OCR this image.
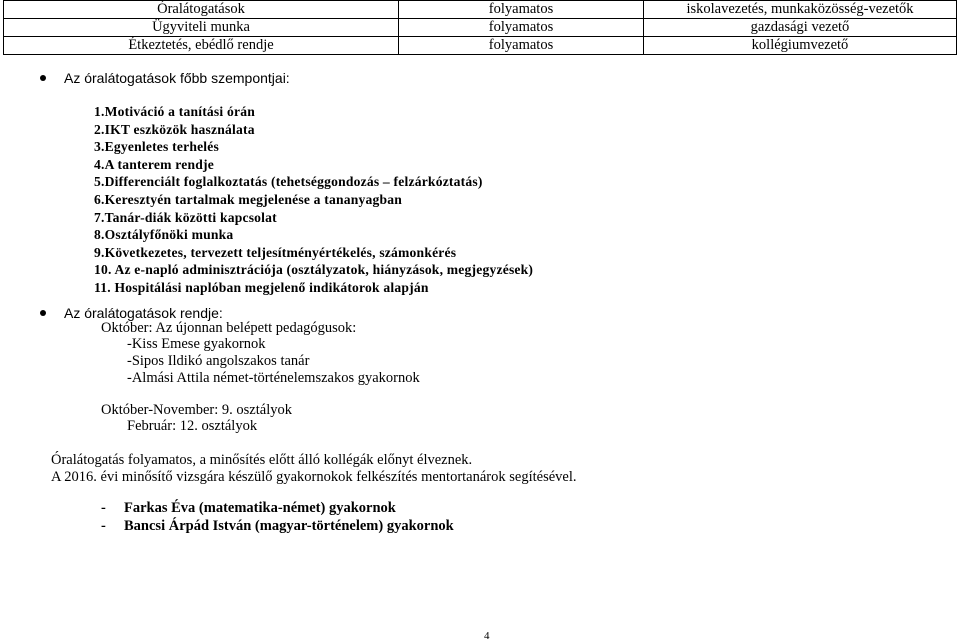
Óralátogatások	folyamatos	iskolavezetés, munkaközösség-vezetők
Ügyviteli munka	folyamatos	gazdasági vezető
Étkeztetés, ebédlő rendje	folyamatos	kollégiumvezető
Az óralátogatások főbb szempontjai:
1.Motiváció a tanítási órán
2.IKT eszközök használata
3.Egyenletes terhelés
4.A tanterem rendje
5.Differenciált foglalkoztatás (tehetséggondozás – felzárkóztatás)
6.Keresztyén tartalmak megjelenése a tananyagban
7.Tanár-diák közötti kapcsolat
8.Osztályfőnöki munka
9.Következetes, tervezett teljesítményértékelés, számonkérés
10. Az e-napló adminisztrációja (osztályzatok, hiányzások, megjegyzések)
11. Hospitálási naplóban megjelenő indikátorok alapján
Az óralátogatások rendje:
Október: Az újonnan belépett pedagógusok:
-Kiss Emese gyakornok
-Sipos Ildikó angolszakos tanár
-Almási Attila német-történelemszakos gyakornok
Október-November: 9. osztályok
Február: 12. osztályok
Óralátogatás folyamatos, a minősítés előtt álló kollégák előnyt élveznek.
A 2016. évi minősítő vizsgára készülő gyakornokok felkészítés mentortanárok segítésével.
- Farkas Éva (matematika-német) gyakornok
- Bancsi Árpád István (magyar-történelem) gyakornok
4
